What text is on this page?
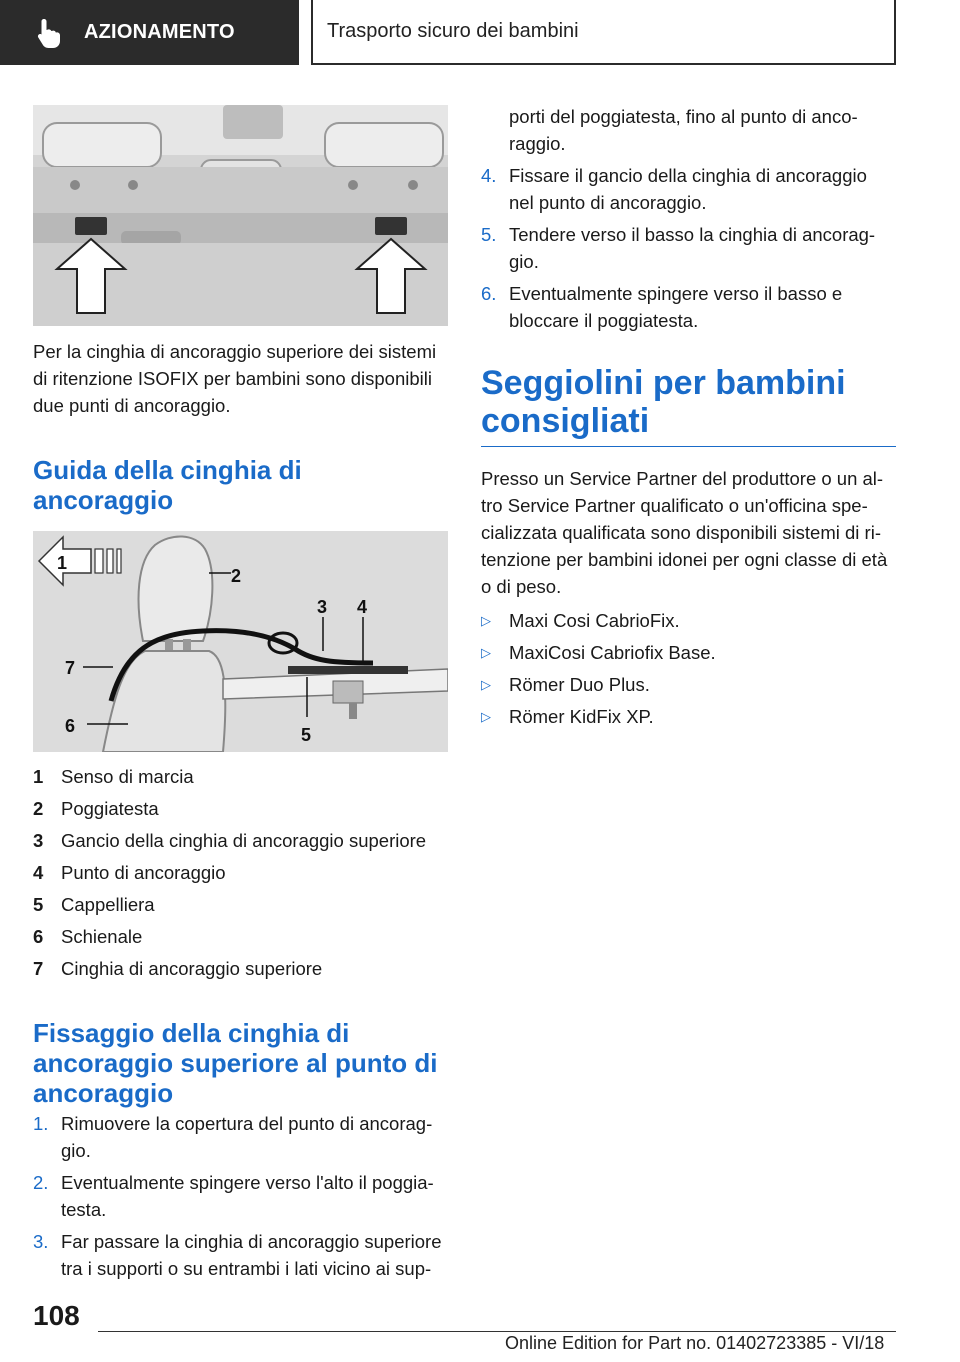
AZIONAMENTO	Trasporto sicuro dei bambini
Per la cinghia di ancoraggio superiore dei sistemi di ritenzione ISOFIX per bambini sono disponibili due punti di ancoraggio.
Guida della cinghia di ancoraggio
1
2
3 4
5
6
7
1 Senso di marcia
2 Poggiatesta
3 Gancio della cinghia di ancoraggio superiore
4 Punto di ancoraggio
5 Cappelliera
6 Schienale
7 Cinghia di ancoraggio superiore
Fissaggio della cinghia di ancoraggio superiore al punto di ancoraggio
1. Rimuovere la copertura del punto di ancorag-gio.
2. Eventualmente spingere verso l'alto il poggia-testa.
3. Far passare la cinghia di ancoraggio superiore tra i supporti o su entrambi i lati vicino ai sup-
porti del poggiatesta, fino al punto di anco-raggio.
4. Fissare il gancio della cinghia di ancoraggio nel punto di ancoraggio.
5. Tendere verso il basso la cinghia di ancorag-gio.
6. Eventualmente spingere verso il basso e bloccare il poggiatesta.
Seggiolini per bambini consigliati
Presso un Service Partner del produttore o un al-tro Service Partner qualificato o un'officina spe-cializzata qualificata sono disponibili sistemi di ri-tenzione per bambini idonei per ogni classe di età o di peso.
▷ Maxi Cosi CabrioFix.
▷ MaxiCosi Cabriofix Base.
▷ Römer Duo Plus.
▷ Römer KidFix XP.
108
Online Edition for Part no. 01402723385 - VI/18
